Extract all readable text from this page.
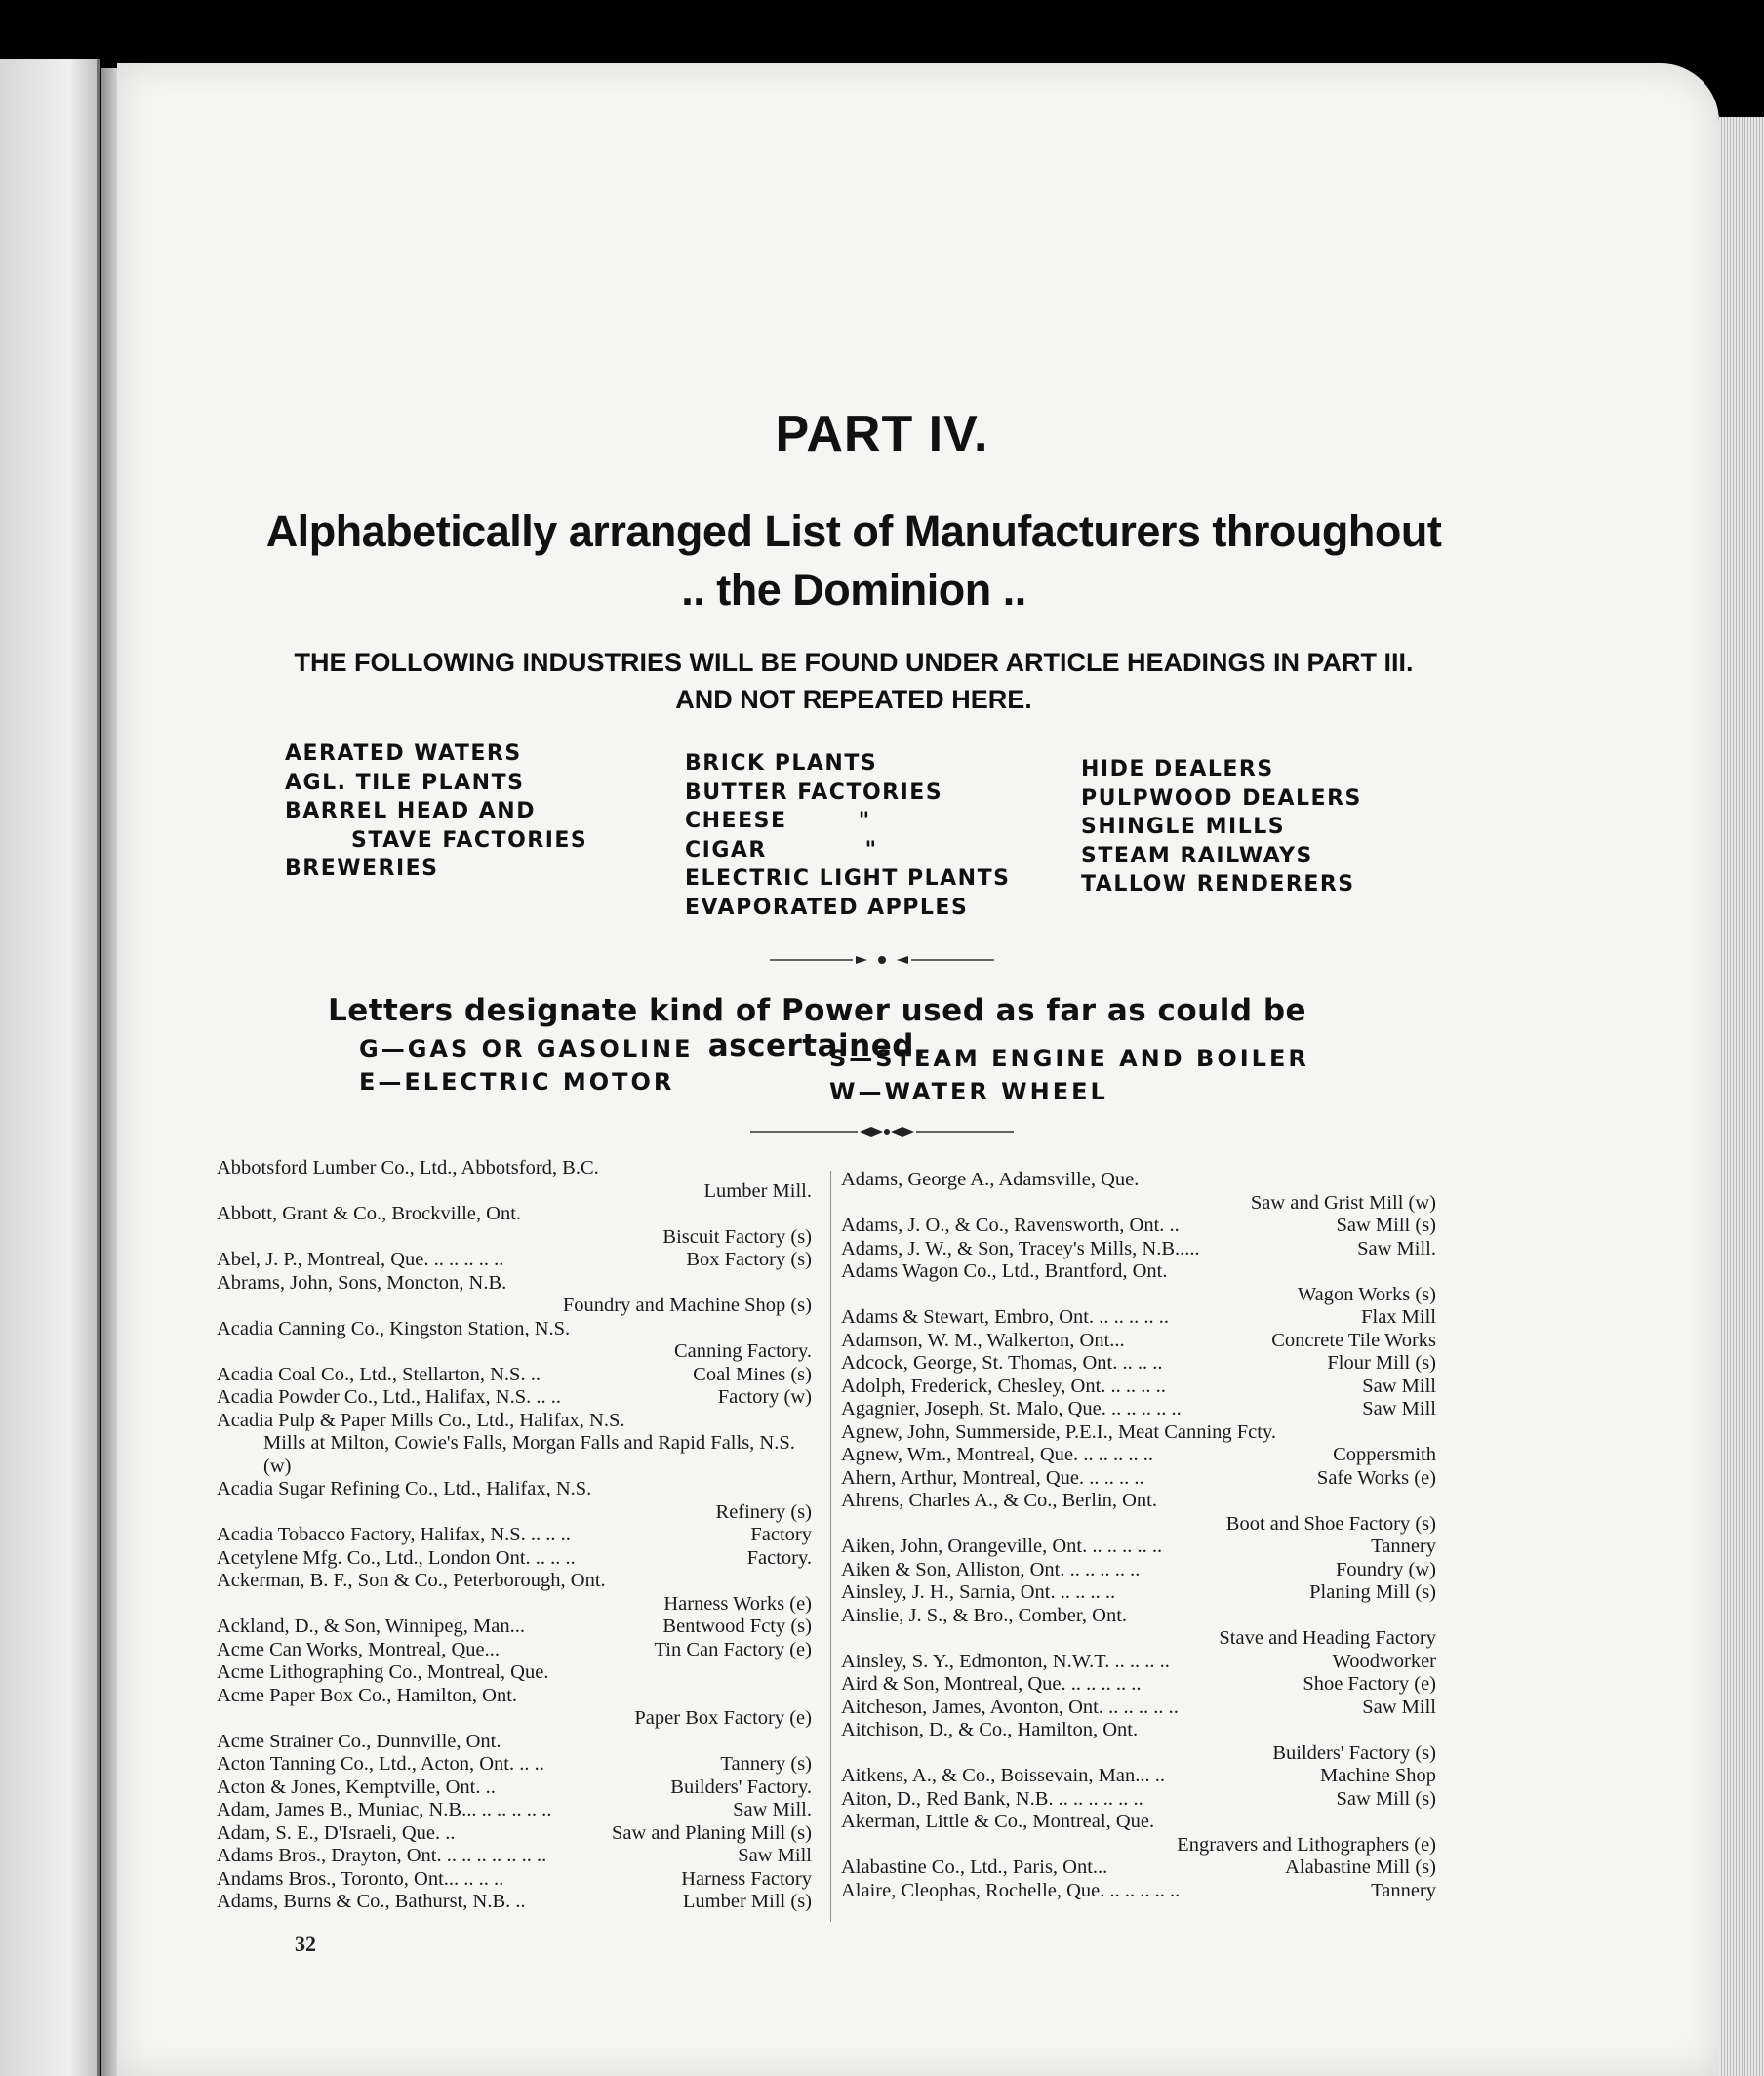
PART IV.
Alphabetically arranged List of Manufacturers throughout
.. the Dominion ..
THE FOLLOWING INDUSTRIES WILL BE FOUND UNDER ARTICLE HEADINGS IN PART III.
AND NOT REPEATED HERE.
AERATED WATERS
AGL. TILE PLANTS
BARREL HEAD AND
STAVE FACTORIES
BREWERIES
BRICK PLANTS
BUTTER FACTORIES
CHEESE        "
CIGAR           "
ELECTRIC LIGHT PLANTS
EVAPORATED APPLES
HIDE DEALERS
PULPWOOD DEALERS
SHINGLE MILLS
STEAM RAILWAYS
TALLOW RENDERERS
Letters designate kind of Power used as far as could be ascertained.
G—GAS OR GASOLINE
E—ELECTRIC MOTOR
S—STEAM ENGINE AND BOILER
W—WATER WHEEL
Abbotsford Lumber Co., Ltd., Abbotsford, B.C.
Lumber Mill.
Abbott, Grant & Co., Brockville, Ont.
Biscuit Factory (s)
Box Factory (s)
Abel, J. P., Montreal, Que. .. .. .. .. ..
Abrams, John, Sons, Moncton, N.B.
Foundry and Machine Shop (s)
Acadia Canning Co., Kingston Station, N.S.
Canning Factory.
Coal Mines (s)
Acadia Coal Co., Ltd., Stellarton, N.S. ..
Factory (w)
Acadia Powder Co., Ltd., Halifax, N.S. .. ..
Acadia Pulp & Paper Mills Co., Ltd., Halifax, N.S.
Mills at Milton, Cowie's Falls, Morgan Falls and Rapid Falls, N.S. (w)
Acadia Sugar Refining Co., Ltd., Halifax, N.S.
Refinery (s)
Factory
Acadia Tobacco Factory, Halifax, N.S. .. .. ..
Factory.
Acetylene Mfg. Co., Ltd., London Ont. .. .. ..
Ackerman, B. F., Son & Co., Peterborough, Ont.
Harness Works (e)
Bentwood Fcty (s)
Ackland, D., & Son, Winnipeg, Man...
Tin Can Factory (e)
Acme Can Works, Montreal, Que...
Acme Lithographing Co., Montreal, Que.
Acme Paper Box Co., Hamilton, Ont.
Paper Box Factory (e)
Acme Strainer Co., Dunnville, Ont.
Tannery (s)
Acton Tanning Co., Ltd., Acton, Ont. .. ..
Builders' Factory.
Acton & Jones, Kemptville, Ont. ..
Saw Mill.
Adam, James B., Muniac, N.B... .. .. .. .. ..
Saw and Planing Mill (s)
Adam, S. E., D'Israeli, Que. ..
Saw Mill
Adams Bros., Drayton, Ont. .. .. .. .. .. .. ..
Harness Factory
Andams Bros., Toronto, Ont... .. .. ..
Lumber Mill (s)
Adams, Burns & Co., Bathurst, N.B. ..
Adams, George A., Adamsville, Que.
Saw and Grist Mill (w)
Saw Mill (s)
Adams, J. O., & Co., Ravensworth, Ont. ..
Saw Mill.
Adams, J. W., & Son, Tracey's Mills, N.B.....
Adams Wagon Co., Ltd., Brantford, Ont.
Wagon Works (s)
Flax Mill
Adams & Stewart, Embro, Ont. .. .. .. .. ..
Concrete Tile Works
Adamson, W. M., Walkerton, Ont...
Flour Mill (s)
Adcock, George, St. Thomas, Ont. .. .. ..
Saw Mill
Adolph, Frederick, Chesley, Ont. .. .. .. ..
Saw Mill
Agagnier, Joseph, St. Malo, Que. .. .. .. .. ..
Agnew, John, Summerside, P.E.I., Meat Canning Fcty.
Coppersmith
Agnew, Wm., Montreal, Que. .. .. .. .. ..
Safe Works (e)
Ahern, Arthur, Montreal, Que. .. .. .. ..
Ahrens, Charles A., & Co., Berlin, Ont.
Boot and Shoe Factory (s)
Tannery
Aiken, John, Orangeville, Ont. .. .. .. .. ..
Foundry (w)
Aiken & Son, Alliston, Ont. .. .. .. .. ..
Planing Mill (s)
Ainsley, J. H., Sarnia, Ont. .. .. .. ..
Ainslie, J. S., & Bro., Comber, Ont.
Stave and Heading Factory
Woodworker
Ainsley, S. Y., Edmonton, N.W.T. .. .. .. ..
Shoe Factory (e)
Aird & Son, Montreal, Que. .. .. .. .. ..
Saw Mill
Aitcheson, James, Avonton, Ont. .. .. .. .. ..
Aitchison, D., & Co., Hamilton, Ont.
Builders' Factory (s)
Machine Shop
Aitkens, A., & Co., Boissevain, Man... ..
Saw Mill (s)
Aiton, D., Red Bank, N.B. .. .. .. .. .. ..
Akerman, Little & Co., Montreal, Que.
Engravers and Lithographers (e)
Alabastine Mill (s)
Alabastine Co., Ltd., Paris, Ont...
Tannery
Alaire, Cleophas, Rochelle, Que. .. .. .. .. ..
32
